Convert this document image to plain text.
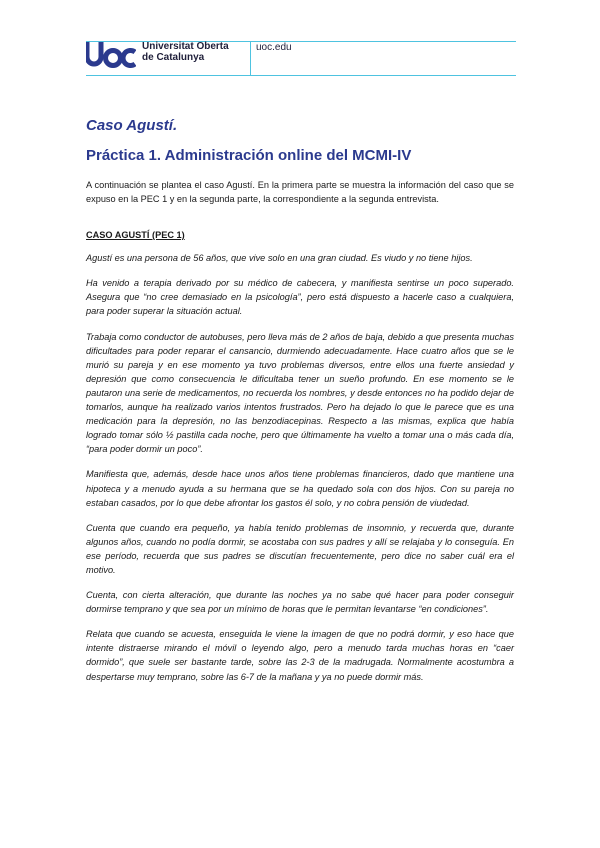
Universitat Oberta
de Catalunya
uoc.edu
Caso Agustí.
Práctica 1. Administración online del MCMI-IV

A continuación se plantea el caso Agustí. En la primera parte se muestra la información del caso que se expuso en la PEC 1 y en la segunda parte, la correspondiente a la segunda entrevista.

CASO AGUSTÍ (PEC 1)

Agustí es una persona de 56 años, que vive solo en una gran ciudad. Es viudo y no tiene hijos.

Ha venido a terapia derivado por su médico de cabecera, y manifiesta sentirse un poco superado. Asegura que “no cree demasiado en la psicología”, pero está dispuesto a hacerle caso a cualquiera, para poder superar la situación actual.

Trabaja como conductor de autobuses, pero lleva más de 2 años de baja, debido a que presenta muchas dificultades para poder reparar el cansancio, durmiendo adecuadamente. Hace cuatro años que se le murió su pareja y en ese momento ya tuvo problemas diversos, entre ellos una fuerte ansiedad y depresión que como consecuencia le dificultaba tener un sueño profundo. En ese momento se le pautaron una serie de medicamentos, no recuerda los nombres, y desde entonces no ha podido dejar de tomarlos, aunque ha realizado varios intentos frustrados. Pero ha dejado lo que le parece que es una medicación para la depresión, no las benzodiacepinas. Respecto a las mismas, explica que había logrado tomar sólo ½ pastilla cada noche, pero que últimamente ha vuelto a tomar una o más cada día, “para poder dormir un poco”.

Manifiesta que, además, desde hace unos años tiene problemas financieros, dado que mantiene una hipoteca y a menudo ayuda a su hermana que se ha quedado sola con dos hijos. Con su pareja no estaban casados, por lo que debe afrontar los gastos él solo, y no cobra pensión de viudedad.

Cuenta que cuando era pequeño, ya había tenido problemas de insomnio, y recuerda que, durante algunos años, cuando no podía dormir, se acostaba con sus padres y allí se relajaba y lo conseguía. En ese período, recuerda que sus padres se discutían frecuentemente, pero dice no saber cuál era el motivo.

Cuenta, con cierta alteración, que durante las noches ya no sabe qué hacer para poder conseguir dormirse temprano y que sea por un mínimo de horas que le permitan levantarse “en condiciones”.

Relata que cuando se acuesta, enseguida le viene la imagen de que no podrá dormir, y eso hace que intente distraerse mirando el móvil o leyendo algo, pero a menudo tarda muchas horas en “caer dormido”, que suele ser bastante tarde, sobre las 2-3 de la madrugada. Normalmente acostumbra a despertarse muy temprano, sobre las 6-7 de la mañana y ya no puede dormir más.
